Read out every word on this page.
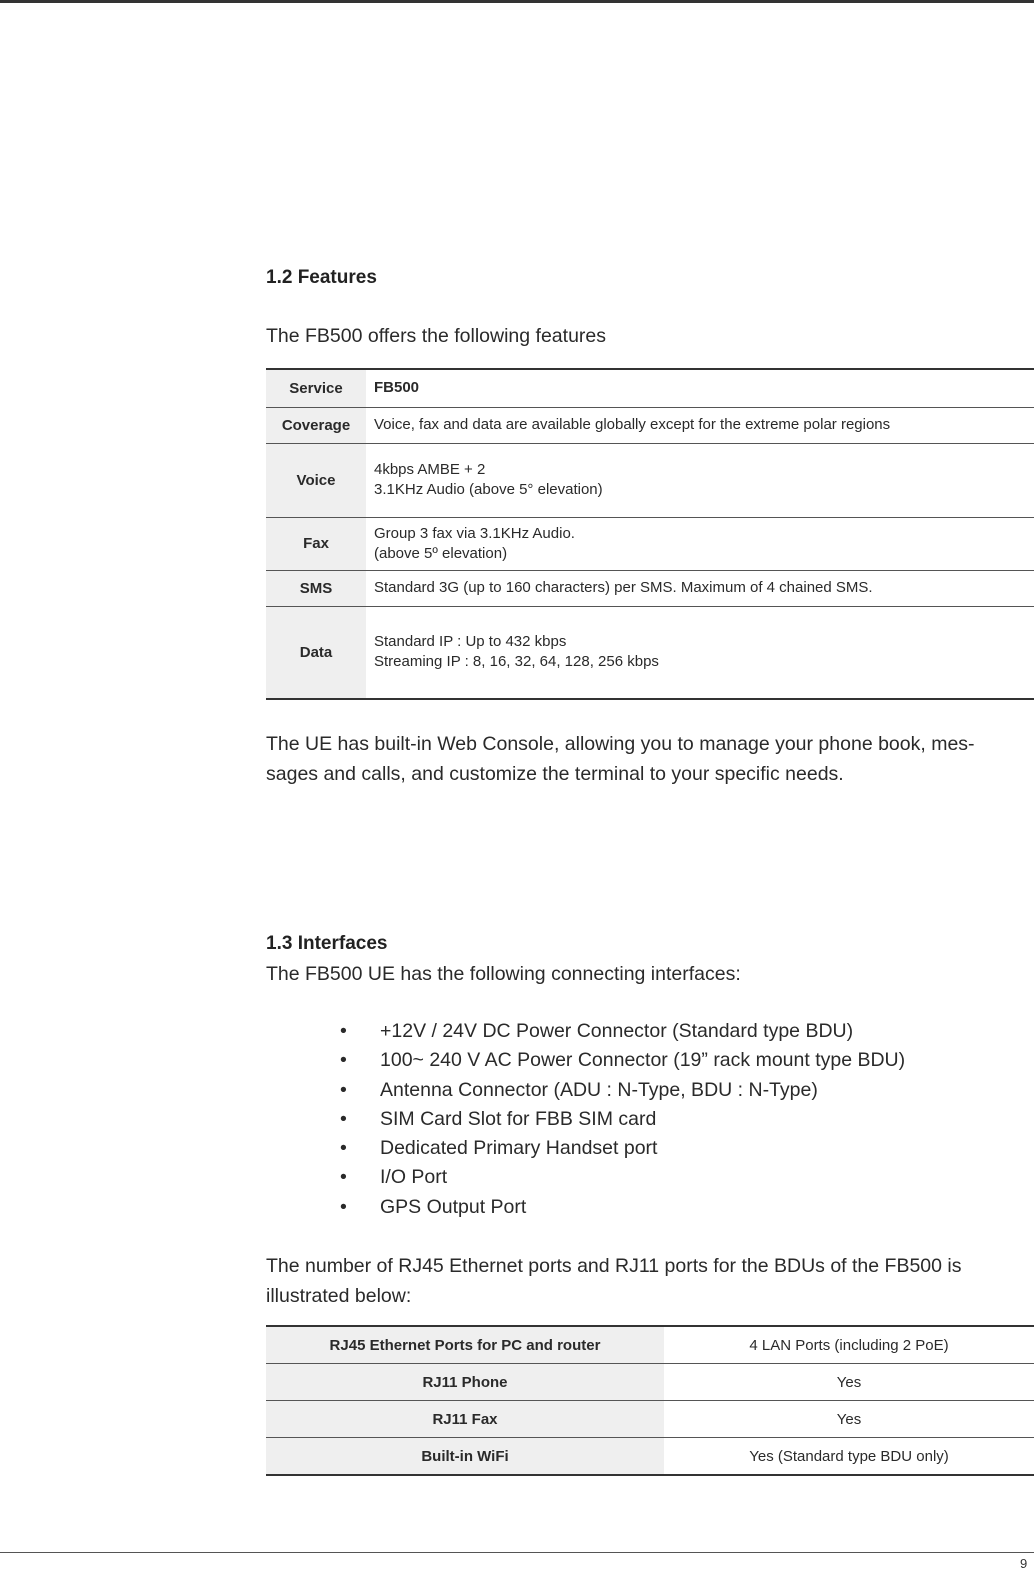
1.2 Features

The FB500 offers the following features

Service	FB500
Coverage	Voice, fax and data are available globally except for the extreme polar regions

Voice	4kbps AMBE + 2
3.1KHz Audio (above 5° elevation)

Fax	Group 3 fax via 3.1KHz Audio.
(above 5º elevation)

SMS	Standard 3G (up to 160 characters) per SMS. Maximum of 4 chained SMS.

Data	Standard IP : Up to 432 kbps
Streaming IP : 8, 16, 32, 64, 128, 256 kbps
The UE has built-in Web Console, allowing you to manage your phone book, mes-
sages and calls, and customize the terminal to your specific needs.
1.3 Interfaces

The FB500 UE has the following connecting interfaces:

• +12V / 24V DC Power Connector (Standard type BDU)
• 100~ 240 V AC Power Connector (19” rack mount type BDU)
• Antenna Connector (ADU : N-Type, BDU : N-Type)
• SIM Card Slot for FBB SIM card
• Dedicated Primary Handset port
• I/O Port
• GPS Output Port
The number of RJ45 Ethernet ports and RJ11 ports for the BDUs of the FB500 is
illustrated below:
RJ45 Ethernet Ports for PC and router	4 LAN Ports (including 2 PoE)
RJ11 Phone	Yes
RJ11 Fax	Yes
Built-in WiFi	Yes (Standard type BDU only)
9
